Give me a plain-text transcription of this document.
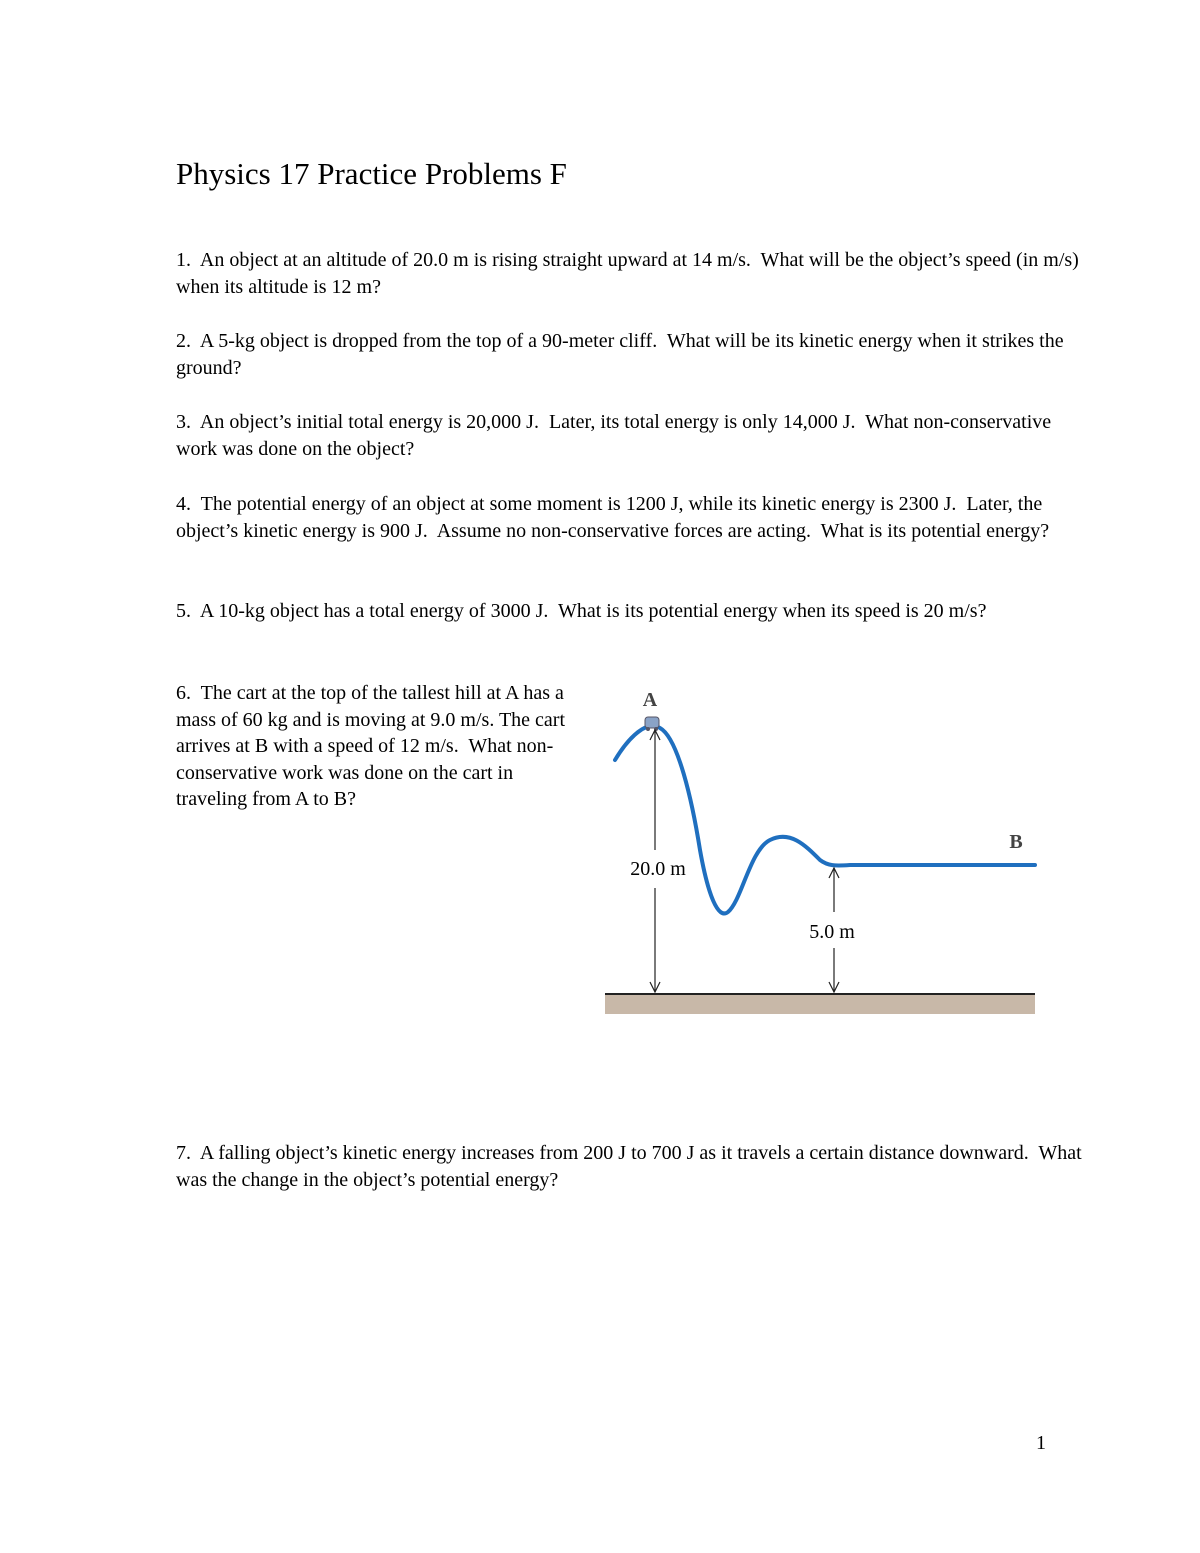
Physics 17 Practice Problems F

1. An object at an altitude of 20.0 m is rising straight upward at 14 m/s.  What will be the object’s speed (in m/s) when its altitude is 12 m?

2. A 5-kg object is dropped from the top of a 90-meter cliff.  What will be its kinetic energy when it strikes the ground?

3. An object’s initial total energy is 20,000 J.  Later, its total energy is only 14,000 J.  What non-conservative work was done on the object?

4. The potential energy of an object at some moment is 1200 J, while its kinetic energy is 2300 J.  Later, the object’s kinetic energy is 900 J.  Assume no non-conservative forces are acting.  What is its potential energy?

5. A 10-kg object has a total energy of 3000 J.  What is its potential energy when its speed is 20 m/s?

6. The cart at the top of the tallest hill at A has a mass of 60 kg and is moving at 9.0 m/s. The cart arrives at B with a speed of 12 m/s.  What non-conservative work was done on the cart in traveling from A to B?

A
B
20.0 m
5.0 m

7. A falling object’s kinetic energy increases from 200 J to 700 J as it travels a certain distance downward.  What was the change in the object’s potential energy?

1
